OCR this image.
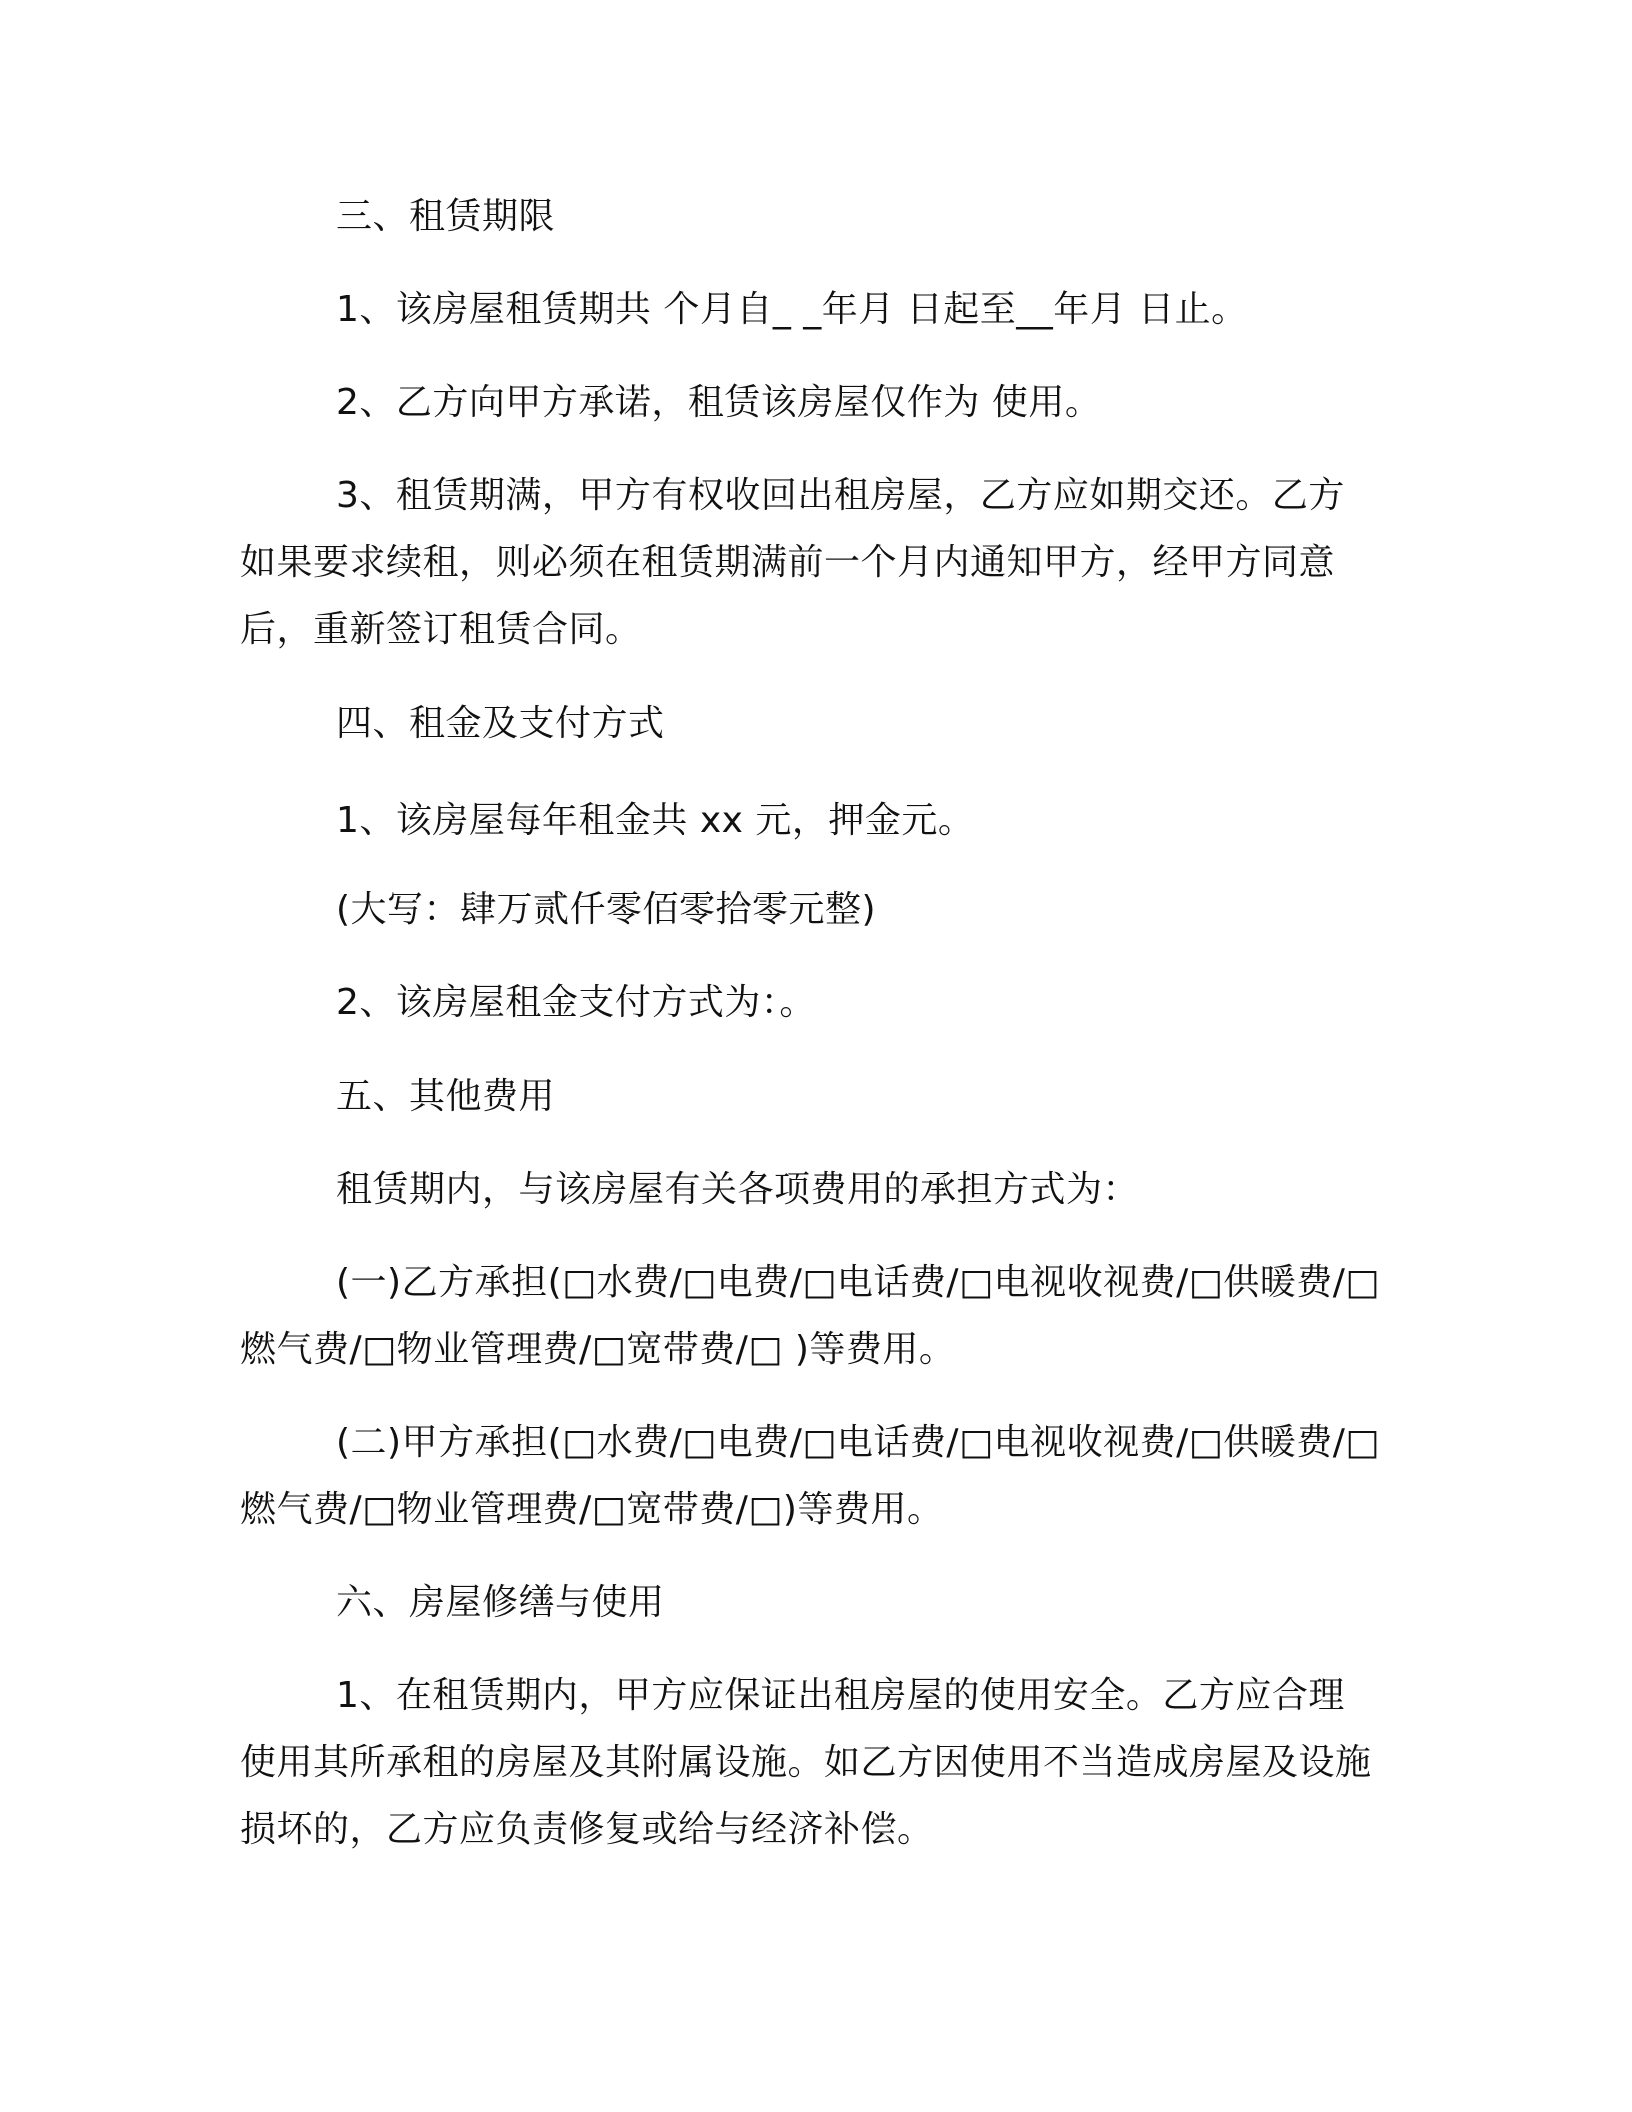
三、租赁期限

1、该房屋租赁期共 个月自_ _年月 日起至__年月 日止。

2、乙方向甲方承诺，租赁该房屋仅作为 使用。

3、租赁期满，甲方有权收回出租房屋，乙方应如期交还。乙方如果要求续租，则必须在租赁期满前一个月内通知甲方，经甲方同意后，重新签订租赁合同。

四、租金及支付方式

1、该房屋每年租金共 xx 元，押金元。

(大写：肆万贰仟零佰零拾零元整)

2、该房屋租金支付方式为：。

五、其他费用

租赁期内，与该房屋有关各项费用的承担方式为：

(一)乙方承担(□水费/□电费/□电话费/□电视收视费/□供暖费/□燃气费/□物业管理费/□宽带费/□ )等费用。

(二)甲方承担(□水费/□电费/□电话费/□电视收视费/□供暖费/□燃气费/□物业管理费/□宽带费/□)等费用。

六、房屋修缮与使用

1、在租赁期内，甲方应保证出租房屋的使用安全。乙方应合理使用其所承租的房屋及其附属设施。如乙方因使用不当造成房屋及设施损坏的，乙方应负责修复或给与经济补偿。
